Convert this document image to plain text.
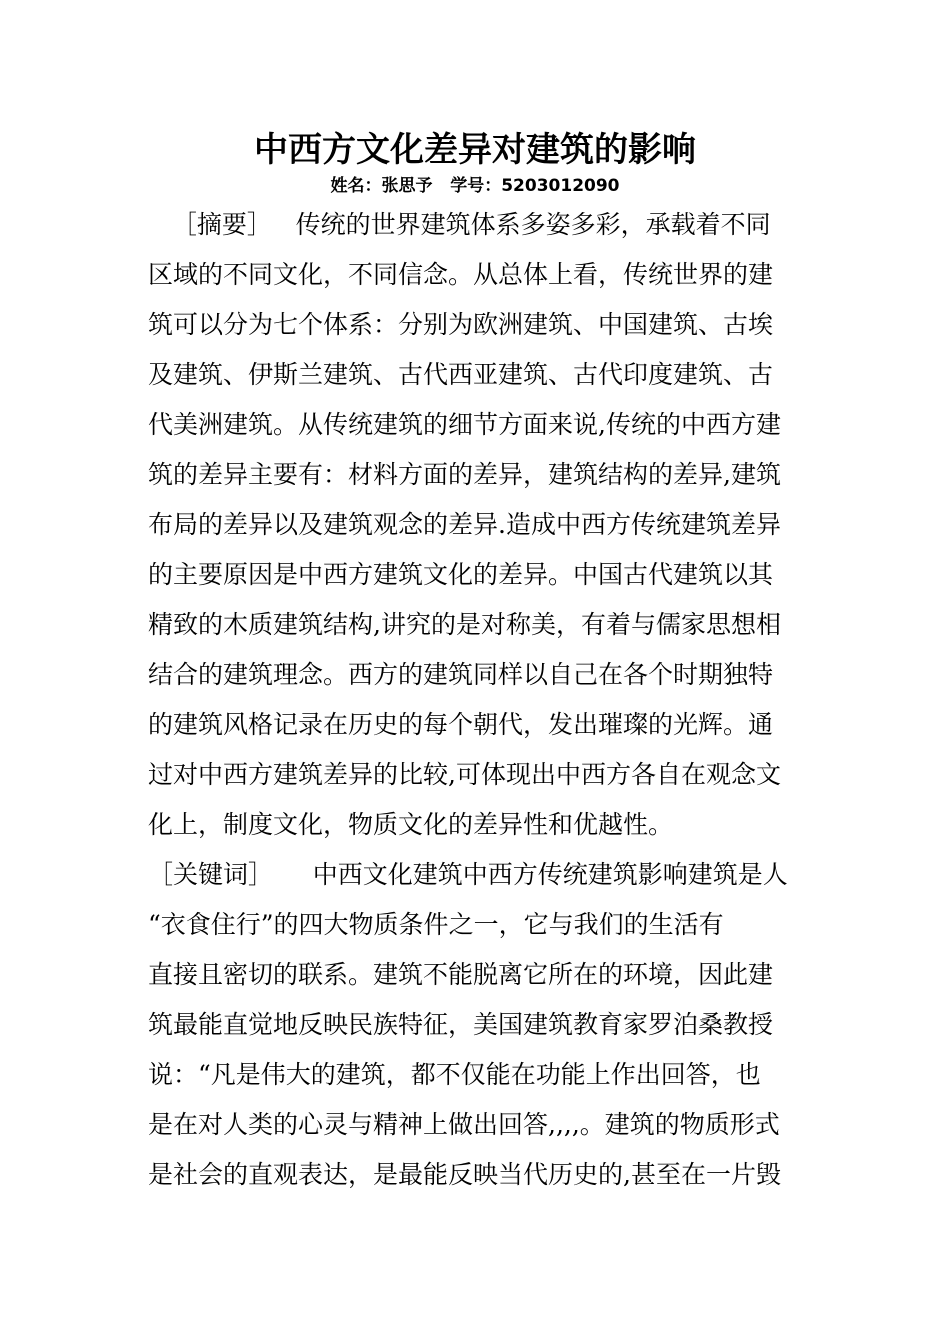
中西方文化差异对建筑的影响
姓名：张思予   学号：5203012090
［摘要］   传统的世界建筑体系多姿多彩，承载着不同
区域的不同文化，不同信念。从总体上看，传统世界的建
筑可以分为七个体系：分别为欧洲建筑、中国建筑、古埃
及建筑、伊斯兰建筑、古代西亚建筑、古代印度建筑、古
代美洲建筑。从传统建筑的细节方面来说,传统的中西方建
筑的差异主要有：材料方面的差异，建筑结构的差异,建筑
布局的差异以及建筑观念的差异.造成中西方传统建筑差异
的主要原因是中西方建筑文化的差异。中国古代建筑以其
精致的木质建筑结构,讲究的是对称美，有着与儒家思想相
结合的建筑理念。西方的建筑同样以自己在各个时期独特
的建筑风格记录在历史的每个朝代，发出璀璨的光辉。通
过对中西方建筑差异的比较,可体现出中西方各自在观念文
化上，制度文化，物质文化的差异性和优越性。
［关键词］     中西文化建筑中西方传统建筑影响建筑是人
“衣食住行”的四大物质条件之一，它与我们的生活有
直接且密切的联系。建筑不能脱离它所在的环境，因此建
筑最能直觉地反映民族特征，美国建筑教育家罗泊桑教授
说：“凡是伟大的建筑，都不仅能在功能上作出回答，也
是在对人类的心灵与精神上做出回答,,,,。建筑的物质形式
是社会的直观表达，是最能反映当代历史的,甚至在一片毁
